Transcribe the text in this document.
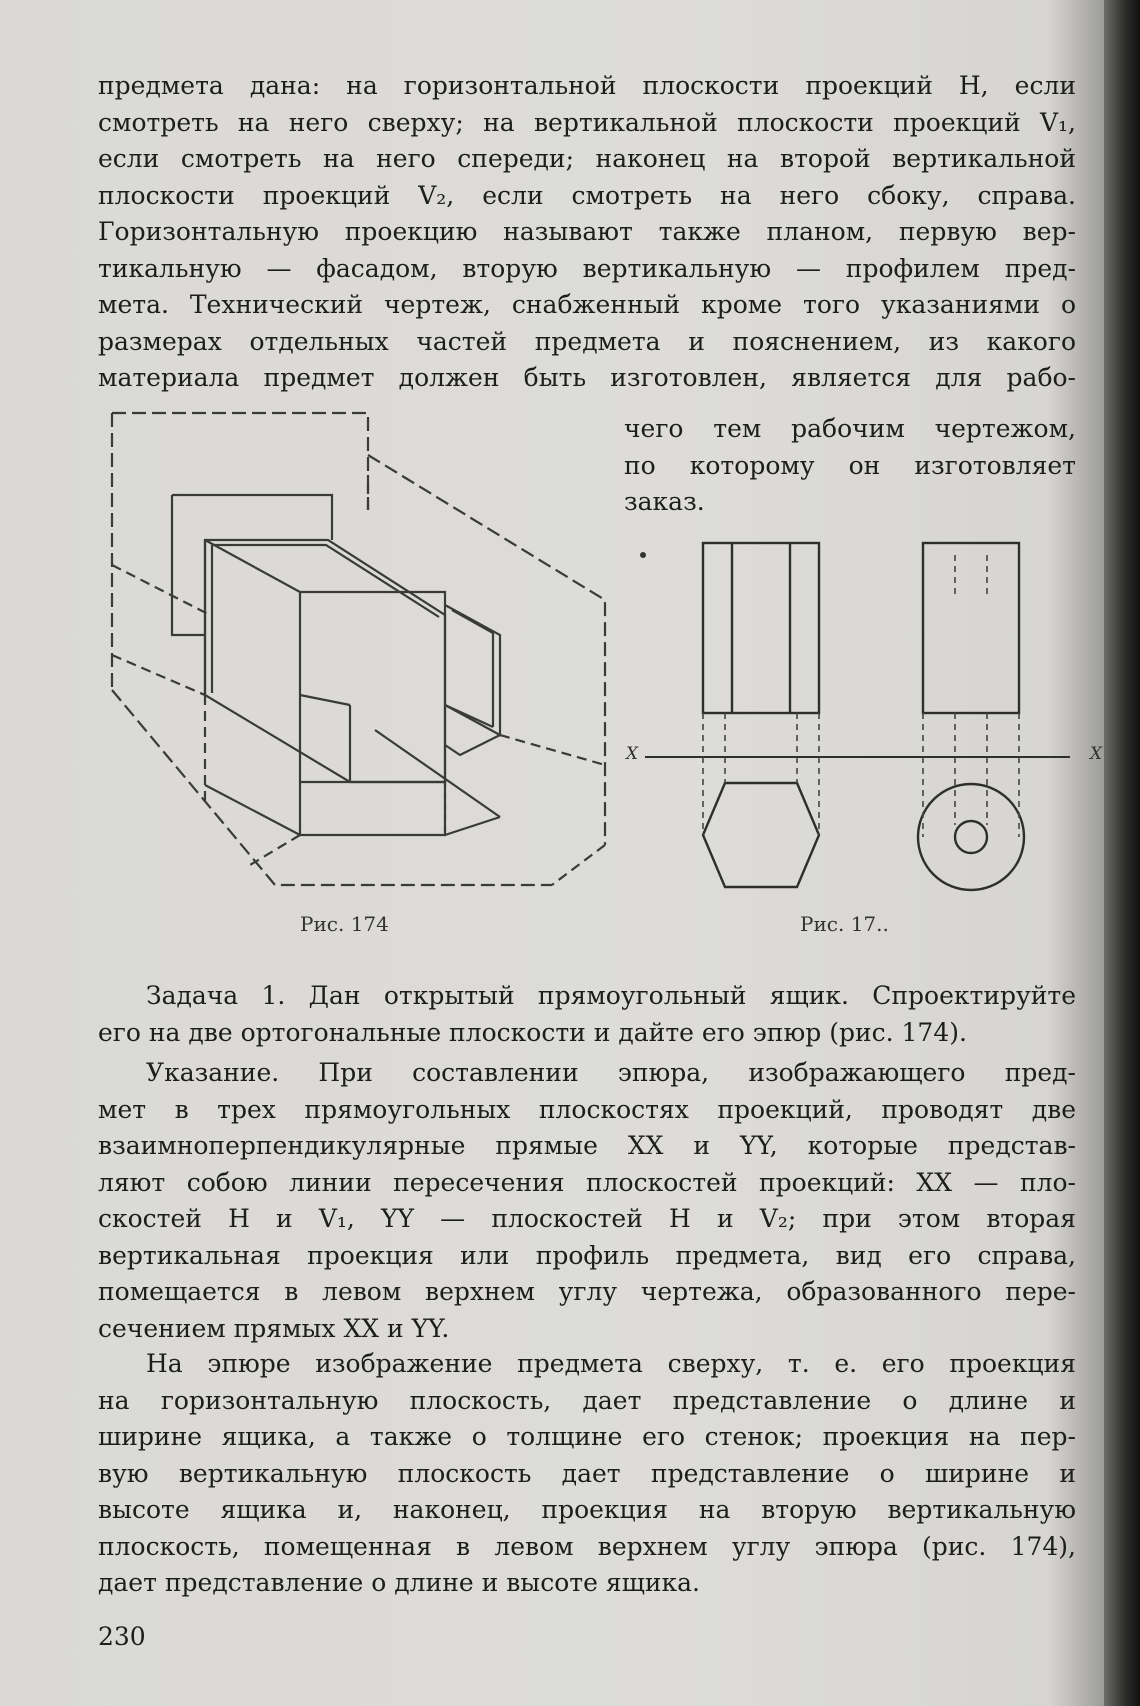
предмета дана: на горизонтальной плоскости проекций H, если
смотреть на него сверху; на вертикальной плоскости проекций V₁,
если смотреть на него спереди; наконец на второй вертикальной
плоскости проекций V₂, если смотреть на него сбоку, справа.
Горизонтальную проекцию называют также планом, первую вер-
тикальную — фасадом, вторую вертикальную — профилем пред-
мета. Технический чертеж, снабженный кроме того указаниями о
размерах отдельных частей предмета и пояснением, из какого
материала предмет должен быть изготовлен, является для рабо-
чего тем рабочим чертежом,
по которому он изготовляет
заказ.
Рис. 174
X	X
Рис. 17..
Задача 1. Дан открытый прямоугольный ящик. Спроектируйте
его на две ортогональные плоскости и дайте его эпюр (рис. 174).
Указание. При составлении эпюра, изображающего пред-
мет в трех прямоугольных плоскостях проекций, проводят две
взаимноперпендикулярные прямые XX и YY, которые представ-
ляют собою линии пересечения плоскостей проекций: XX — пло-
скостей H и V₁, YY — плоскостей H и V₂; при этом вторая
вертикальная проекция или профиль предмета, вид его справа,
помещается в левом верхнем углу чертежа, образованного пере-
сечением прямых XX и YY.
На эпюре изображение предмета сверху, т. е. его проекция
на горизонтальную плоскость, дает представление о длине и
ширине ящика, а также о толщине его стенок; проекция на пер-
вую вертикальную плоскость дает представление о ширине и
высоте ящика и, наконец, проекция на вторую вертикальную
плоскость, помещенная в левом верхнем углу эпюра (рис. 174),
дает представление о длине и высоте ящика.
230
